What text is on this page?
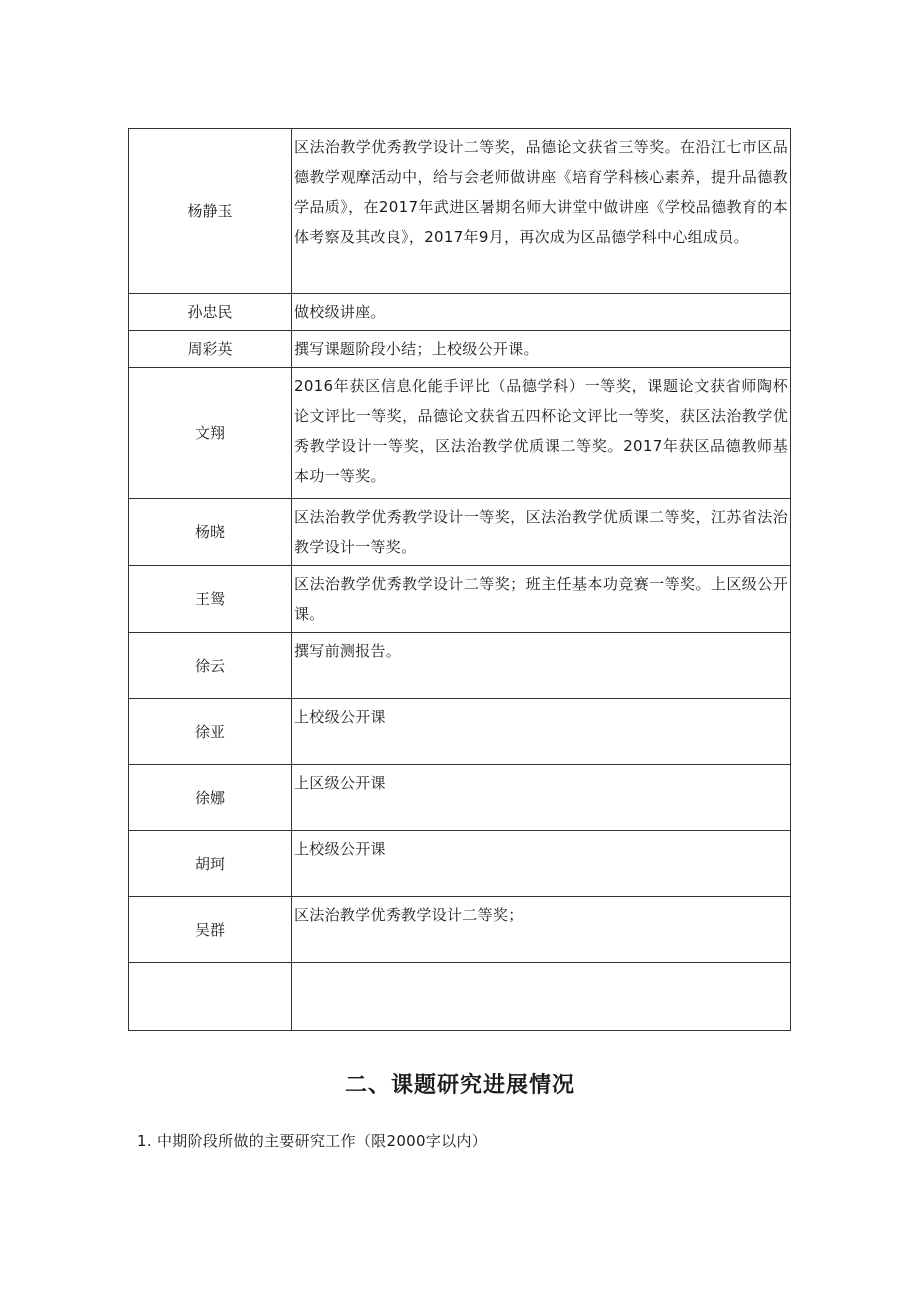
杨静玉	区法治教学优秀教学设计二等奖，品德论文获省三等奖。在沿江七市区品德教学观摩活动中，给与会老师做讲座《培育学科核心素养，提升品德教学品质》，在2017年武进区暑期名师大讲堂中做讲座《学校品德教育的本体考察及其改良》，2017年9月，再次成为区品德学科中心组成员。
孙忠民	做校级讲座。
周彩英	撰写课题阶段小结；上校级公开课。
文翔	2016年获区信息化能手评比（品德学科）一等奖，课题论文获省师陶杯论文评比一等奖，品德论文获省五四杯论文评比一等奖，获区法治教学优秀教学设计一等奖，区法治教学优质课二等奖。2017年获区品德教师基本功一等奖。
杨晓	区法治教学优秀教学设计一等奖，区法治教学优质课二等奖，江苏省法治教学设计一等奖。
王鸳	区法治教学优秀教学设计二等奖；班主任基本功竞赛一等奖。上区级公开课。
徐云	撰写前测报告。
徐亚	上校级公开课
徐娜	上区级公开课
胡珂	上校级公开课
吴群	区法治教学优秀教学设计二等奖；

二、课题研究进展情况

1. 中期阶段所做的主要研究工作（限2000字以内）
